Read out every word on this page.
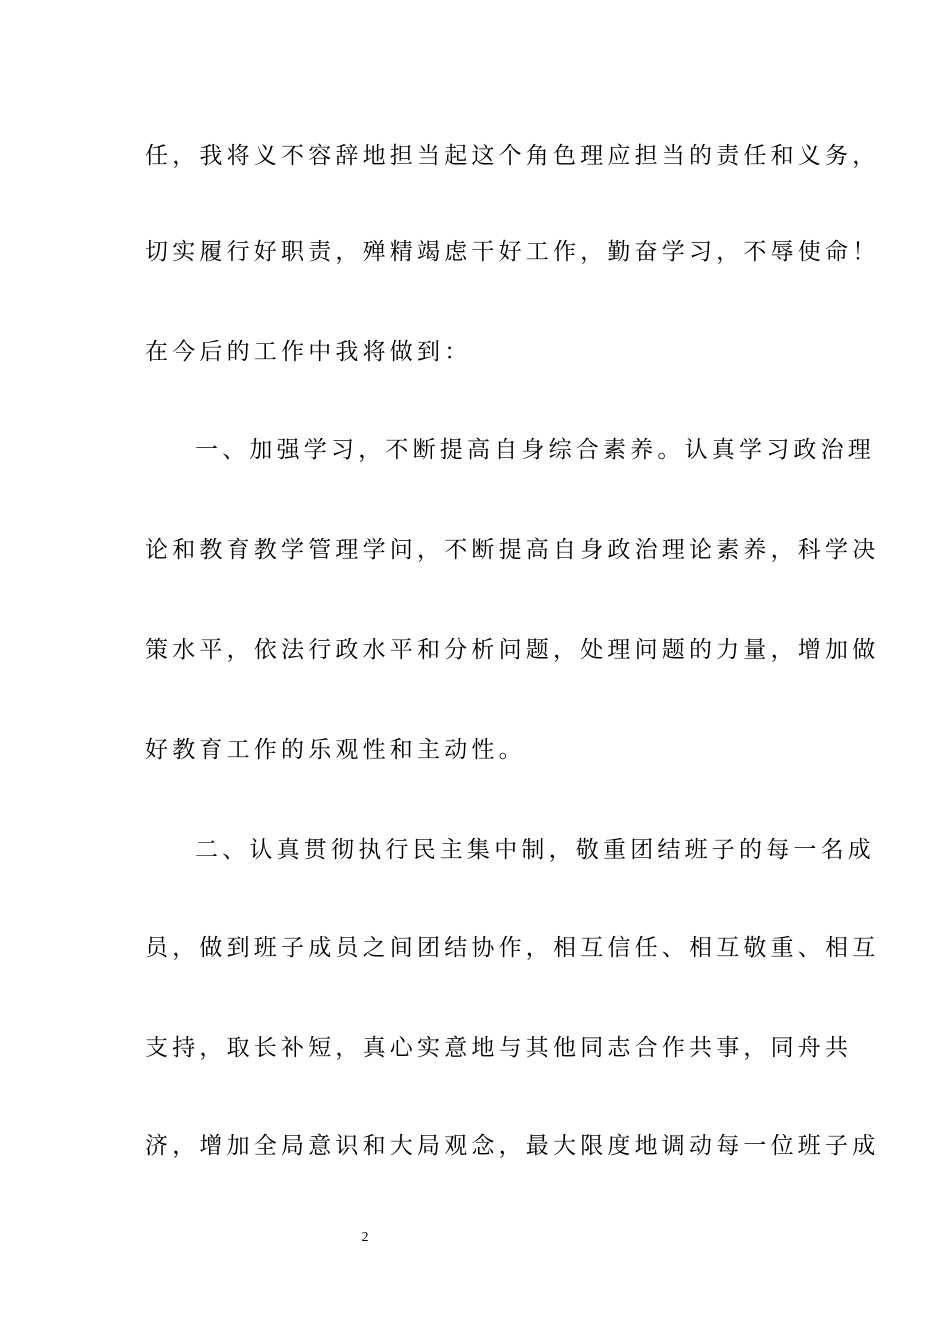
任，我将义不容辞地担当起这个角色理应担当的责任和义务，
切实履行好职责，殚精竭虑干好工作，勤奋学习，不辱使命！
在今后的工作中我将做到：
一、加强学习，不断提高自身综合素养。认真学习政治理
论和教育教学管理学问，不断提高自身政治理论素养，科学决
策水平，依法行政水平和分析问题，处理问题的力量，增加做
好教育工作的乐观性和主动性。
二、认真贯彻执行民主集中制，敬重团结班子的每一名成
员，做到班子成员之间团结协作，相互信任、相互敬重、相互
支持，取长补短，真心实意地与其他同志合作共事，同舟共
济，增加全局意识和大局观念，最大限度地调动每一位班子成
2
